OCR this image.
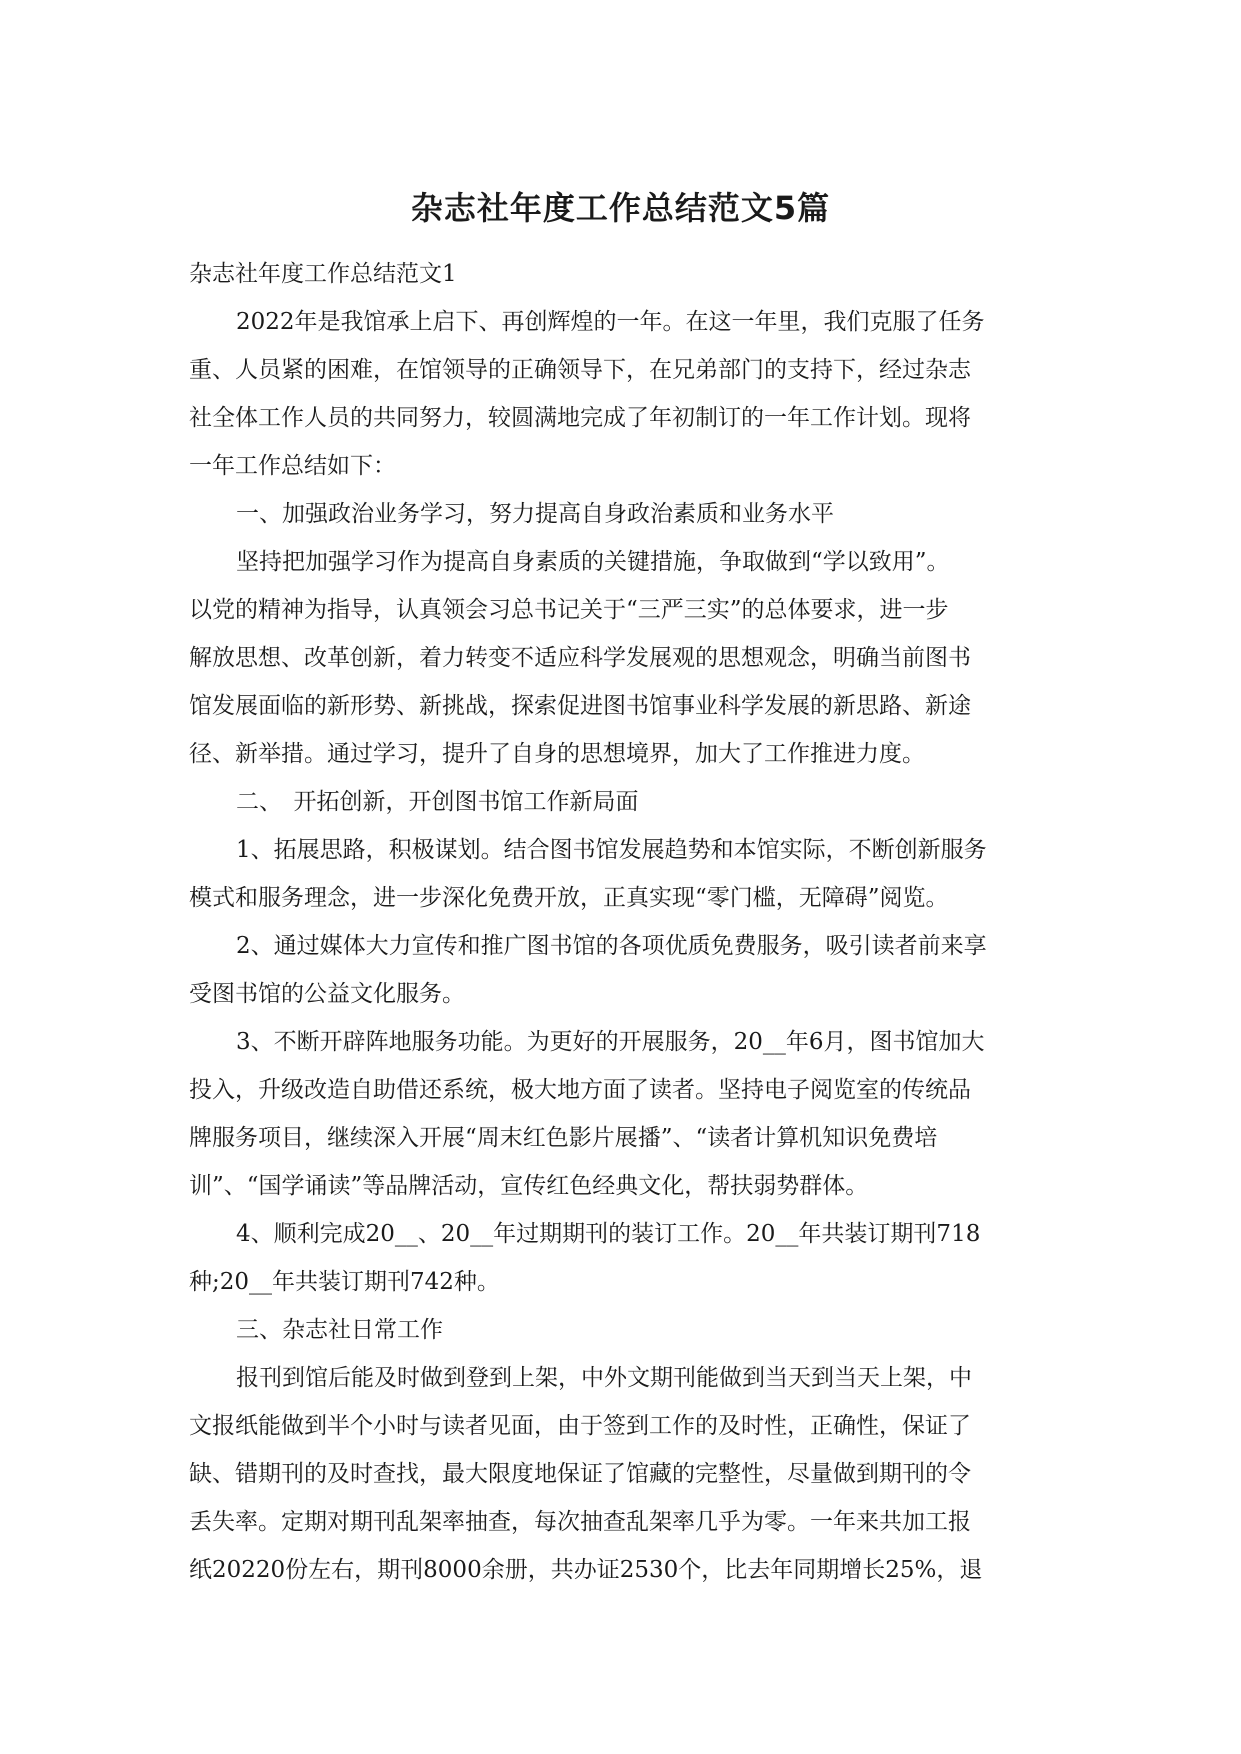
杂志社年度工作总结范文5篇
杂志社年度工作总结范文1
2022年是我馆承上启下、再创辉煌的一年。在这一年里，我们克服了任务
重、人员紧的困难，在馆领导的正确领导下，在兄弟部门的支持下，经过杂志
社全体工作人员的共同努力，较圆满地完成了年初制订的一年工作计划。现将
一年工作总结如下：
一、加强政治业务学习，努力提高自身政治素质和业务水平
坚持把加强学习作为提高自身素质的关键措施，争取做到“学以致用”。
以党的精神为指导，认真领会习总书记关于“三严三实”的总体要求，进一步
解放思想、改革创新，着力转变不适应科学发展观的思想观念，明确当前图书
馆发展面临的新形势、新挑战，探索促进图书馆事业科学发展的新思路、新途
径、新举措。通过学习，提升了自身的思想境界，加大了工作推进力度。
二、　开拓创新，开创图书馆工作新局面
1、拓展思路，积极谋划。结合图书馆发展趋势和本馆实际，不断创新服务
模式和服务理念，进一步深化免费开放，正真实现“零门槛，无障碍”阅览。
2、通过媒体大力宣传和推广图书馆的各项优质免费服务，吸引读者前来享
受图书馆的公益文化服务。
3、不断开辟阵地服务功能。为更好的开展服务，20__年6月，图书馆加大
投入，升级改造自助借还系统，极大地方面了读者。坚持电子阅览室的传统品
牌服务项目，继续深入开展“周末红色影片展播”、“读者计算机知识免费培
训”、“国学诵读”等品牌活动，宣传红色经典文化，帮扶弱势群体。
4、顺利完成20__、20__年过期期刊的装订工作。20__年共装订期刊718
种;20__年共装订期刊742种。
三、杂志社日常工作
报刊到馆后能及时做到登到上架，中外文期刊能做到当天到当天上架，中
文报纸能做到半个小时与读者见面，由于签到工作的及时性，正确性，保证了
缺、错期刊的及时查找，最大限度地保证了馆藏的完整性，尽量做到期刊的令
丢失率。定期对期刊乱架率抽查，每次抽查乱架率几乎为零。一年来共加工报
纸20220份左右，期刊8000余册，共办证2530个，比去年同期增长25%，退
